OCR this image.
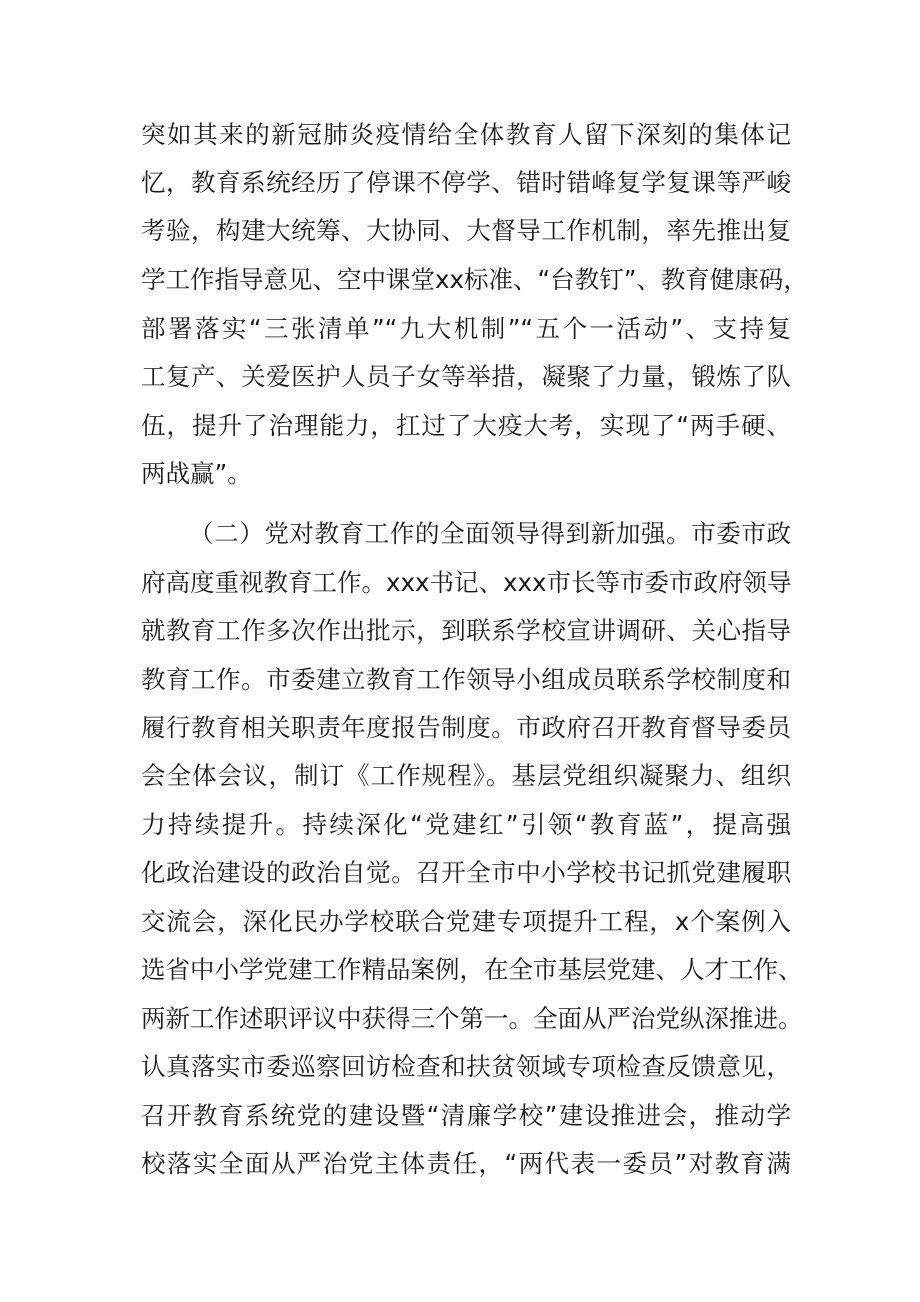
突如其来的新冠肺炎疫情给全体教育人留下深刻的集体记
忆，教育系统经历了停课不停学、错时错峰复学复课等严峻
考验，构建大统筹、大协同、大督导工作机制，率先推出复
学工作指导意见、空中课堂xx标准、“台教钉”、教育健康码，
部署落实“三张清单”“九大机制”“五个一活动”、支持复
工复产、关爱医护人员子女等举措，凝聚了力量，锻炼了队
伍，提升了治理能力，扛过了大疫大考，实现了“两手硬、
两战赢”。
（二）党对教育工作的全面领导得到新加强。市委市政
府高度重视教育工作。xxx书记、xxx市长等市委市政府领导
就教育工作多次作出批示，到联系学校宣讲调研、关心指导
教育工作。市委建立教育工作领导小组成员联系学校制度和
履行教育相关职责年度报告制度。市政府召开教育督导委员
会全体会议，制订《工作规程》。基层党组织凝聚力、组织
力持续提升。持续深化“党建红”引领“教育蓝”，提高强
化政治建设的政治自觉。召开全市中小学校书记抓党建履职
交流会，深化民办学校联合党建专项提升工程，x个案例入
选省中小学党建工作精品案例，在全市基层党建、人才工作、
两新工作述职评议中获得三个第一。全面从严治党纵深推进。
认真落实市委巡察回访检查和扶贫领域专项检查反馈意见，
召开教育系统党的建设暨“清廉学校”建设推进会，推动学
校落实全面从严治党主体责任，“两代表一委员”对教育满
